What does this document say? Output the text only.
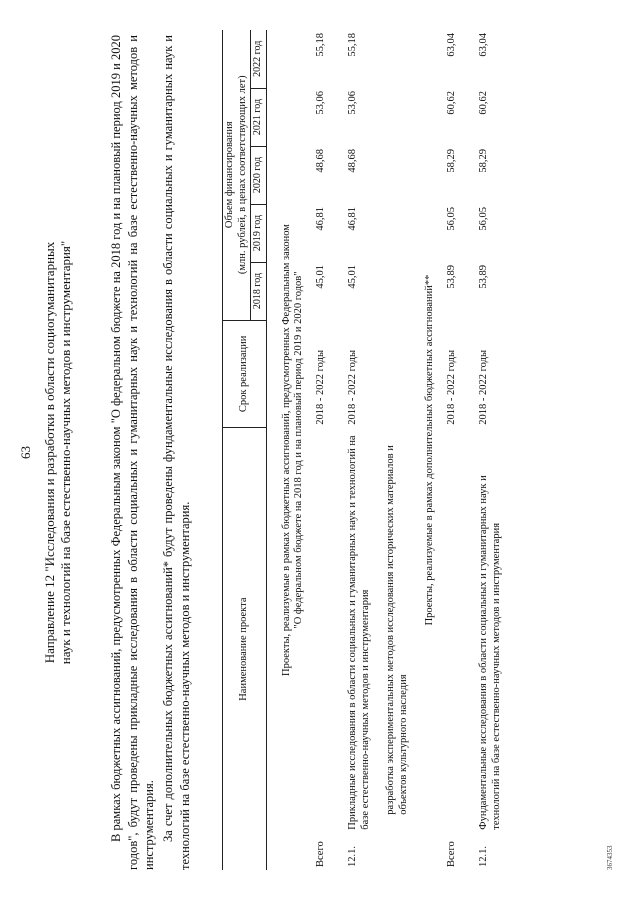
63 Направление 12 "Исследования и разработки в области социогуманитарных наук и технологий на базе естественно-научных методов и инструментария"	В рамках бюджетных ассигнований, предусмотренных Федеральным законом "О федеральном бюджете на 2018 год и на плановый период 2019 и 2020 годов", будут проведены прикладные исследования в области социальных и гуманитарных наук и технологий на базе естественно-научных методов и инструментария. За счет дополнительных бюджетных ассигнований* будут проведены фундаментальные исследования в области социальных и гуманитарных наук и технологий на базе естественно-научных методов и инструментария.	Наименование проекта		Срок реализации	Объем финансирования (млн. рублей, в ценах соответствующих лет)				

			2018 год	2019 год	2020 год	2021 год	2022 год

Проекты, реализуемые в рамках бюджетных ассигнований, предусмотренных Федеральным законом "О федеральном бюджете на 2018 год и на плановый период 2019 и 2020 годов"							

Всего		2018 - 2022 годы	45,01	46,81	48,68	53,06	55,18

12.1.	Прикладные исследования в области социальных и гуманитарных наук и технологий на базе естественно-научных методов и инструментария	2018 - 2022 годы	45,01	46,81	48,68	53,06	55,18
	разработка экспериментальных методов исследования исторических материалов и объектов культурного наследия						
Проекты, реализуемые в рамках дополнительных бюджетных ассигнований**							
Всего		2018 - 2022 годы	53,89	56,05	58,29	60,62	63,04

12.1.	Фундаментальные исследования в области социальных и гуманитарных наук и технологий на базе естественно-научных методов и инструментария	2018 - 2022 годы	53,89	56,05	58,29	60,62	63,04
3674353
